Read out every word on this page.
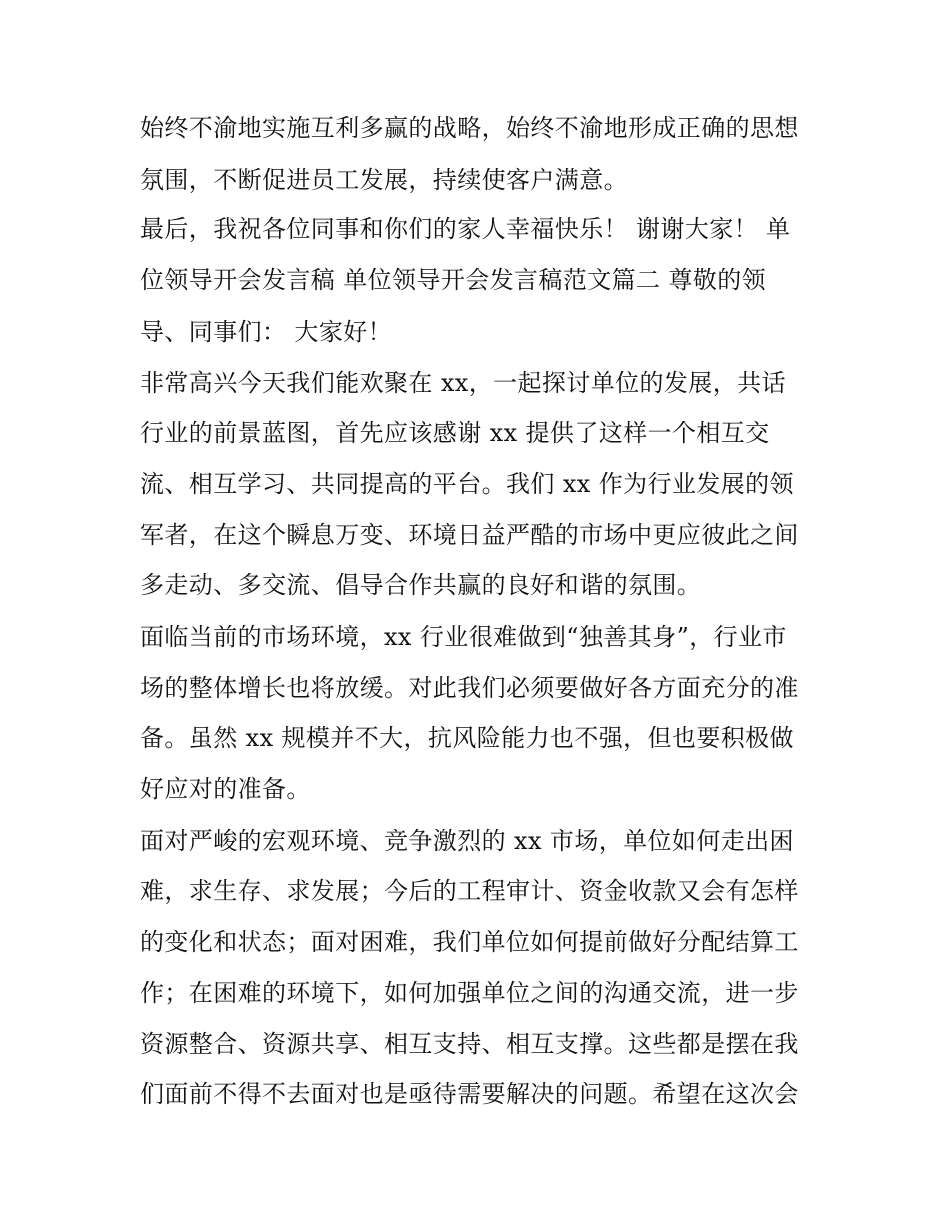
始终不渝地实施互利多赢的战略，始终不渝地形成正确的思想
氛围，不断促进员工发展，持续使客户满意。
最后，我祝各位同事和你们的家人幸福快乐！ 谢谢大家！ 单
位领导开会发言稿 单位领导开会发言稿范文篇二 尊敬的领
导、同事们： 大家好！
非常高兴今天我们能欢聚在 xx，一起探讨单位的发展，共话
行业的前景蓝图，首先应该感谢 xx 提供了这样一个相互交
流、相互学习、共同提高的平台。我们 xx 作为行业发展的领
军者，在这个瞬息万变、环境日益严酷的市场中更应彼此之间
多走动、多交流、倡导合作共赢的良好和谐的氛围。
面临当前的市场环境，xx 行业很难做到“独善其身”，行业市
场的整体增长也将放缓。对此我们必须要做好各方面充分的准
备。虽然 xx 规模并不大，抗风险能力也不强，但也要积极做
好应对的准备。
面对严峻的宏观环境、竞争激烈的 xx 市场，单位如何走出困
难，求生存、求发展；今后的工程审计、资金收款又会有怎样
的变化和状态；面对困难，我们单位如何提前做好分配结算工
作；在困难的环境下，如何加强单位之间的沟通交流，进一步
资源整合、资源共享、相互支持、相互支撑。这些都是摆在我
们面前不得不去面对也是亟待需要解决的问题。希望在这次会
